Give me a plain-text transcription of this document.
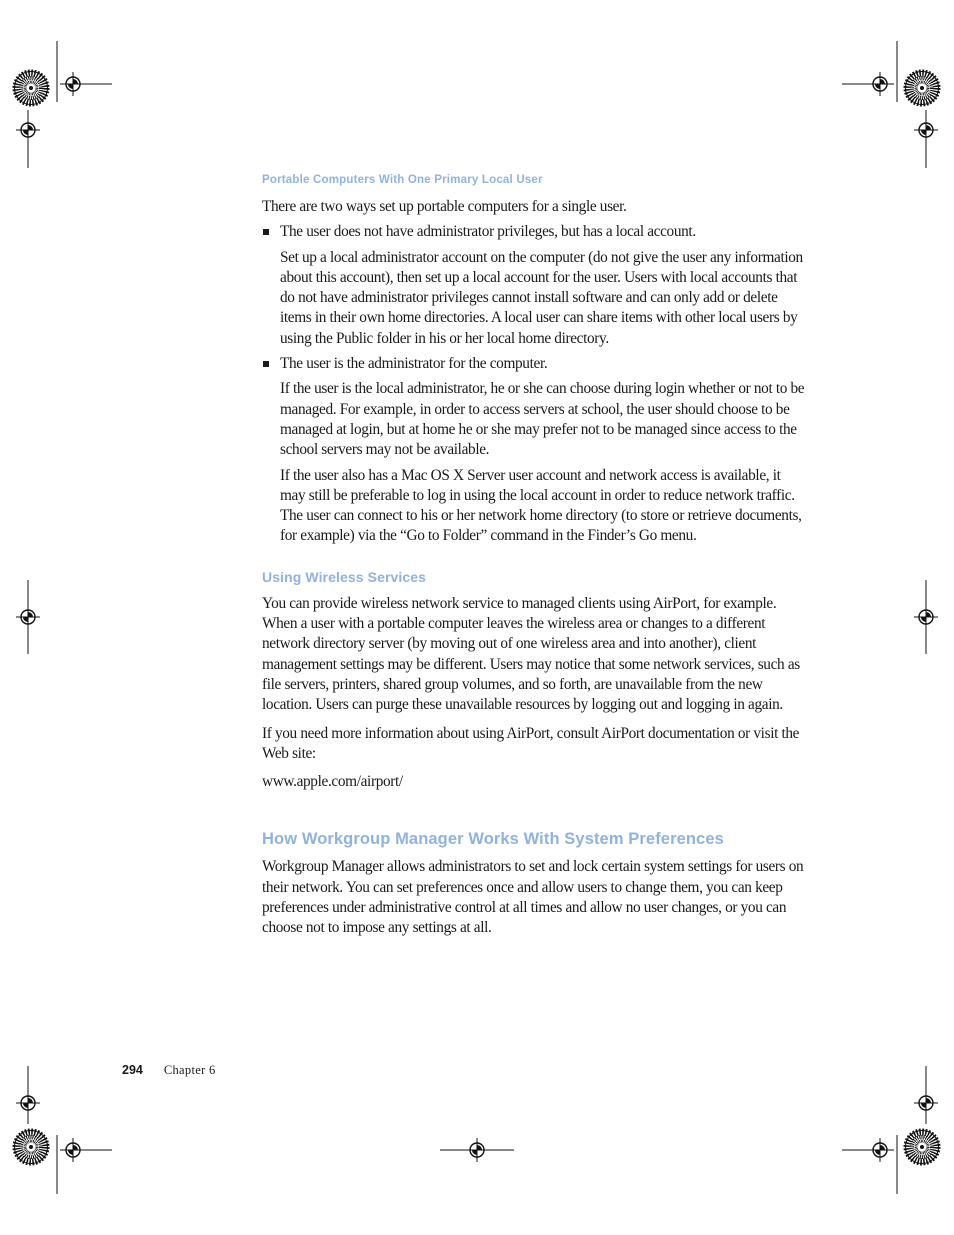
Portable Computers With One Primary Local User

There are two ways set up portable computers for a single user.

The user does not have administrator privileges, but has a local account.

Set up a local administrator account on the computer (do not give the user any information about this account), then set up a local account for the user. Users with local accounts that do not have administrator privileges cannot install software and can only add or delete items in their own home directories. A local user can share items with other local users by using the Public folder in his or her local home directory.

The user is the administrator for the computer.

If the user is the local administrator, he or she can choose during login whether or not to be managed. For example, in order to access servers at school, the user should choose to be managed at login, but at home he or she may prefer not to be managed since access to the school servers may not be available.

If the user also has a Mac OS X Server user account and network access is available, it may still be preferable to log in using the local account in order to reduce network traffic. The user can connect to his or her network home directory (to store or retrieve documents, for example) via the “Go to Folder” command in the Finder’s Go menu.

Using Wireless Services

You can provide wireless network service to managed clients using AirPort, for example. When a user with a portable computer leaves the wireless area or changes to a different network directory server (by moving out of one wireless area and into another), client management settings may be different. Users may notice that some network services, such as file servers, printers, shared group volumes, and so forth, are unavailable from the new location. Users can purge these unavailable resources by logging out and logging in again.

If you need more information about using AirPort, consult AirPort documentation or visit the Web site:

www.apple.com/airport/

How Workgroup Manager Works With System Preferences

Workgroup Manager allows administrators to set and lock certain system settings for users on their network. You can set preferences once and allow users to change them, you can keep preferences under administrative control at all times and allow no user changes, or you can choose not to impose any settings at all.

294 Chapter 6
